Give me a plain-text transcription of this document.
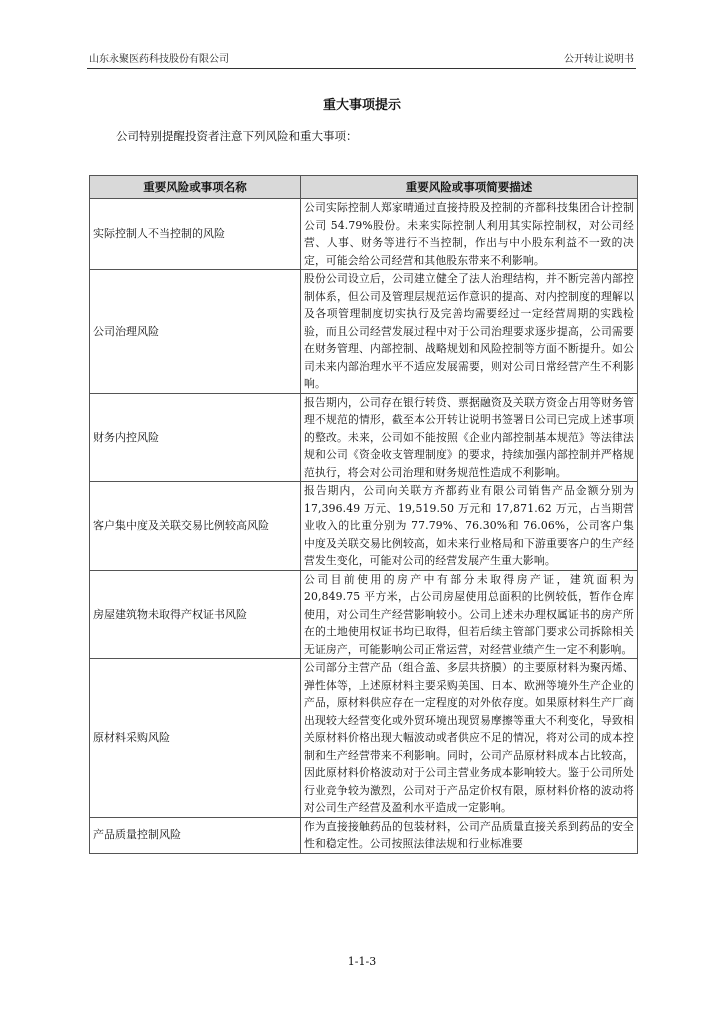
山东永聚医药科技股份有限公司	公开转让说明书
重大事项提示
公司特别提醒投资者注意下列风险和重大事项：
重要风险或事项名称	重要风险或事项简要描述
实际控制人不当控制的风险	公司实际控制人郑家晴通过直接持股及控制的齐都科技集团合计控制公司 54.79%股份。未来实际控制人利用其实际控制权，对公司经营、人事、财务等进行不当控制，作出与中小股东利益不一致的决定，可能会给公司经营和其他股东带来不利影响。
公司治理风险	股份公司设立后，公司建立健全了法人治理结构，并不断完善内部控制体系，但公司及管理层规范运作意识的提高、对内控制度的理解以及各项管理制度切实执行及完善均需要经过一定经营周期的实践检验，而且公司经营发展过程中对于公司治理要求逐步提高，公司需要在财务管理、内部控制、战略规划和风险控制等方面不断提升。如公司未来内部治理水平不适应发展需要，则对公司日常经营产生不利影响。
财务内控风险	报告期内，公司存在银行转贷、票据融资及关联方资金占用等财务管理不规范的情形，截至本公开转让说明书签署日公司已完成上述事项的整改。未来，公司如不能按照《企业内部控制基本规范》等法律法规和公司《资金收支管理制度》的要求，持续加强内部控制并严格规范执行，将会对公司治理和财务规范性造成不利影响。
客户集中度及关联交易比例较高风险	报告期内，公司向关联方齐都药业有限公司销售产品金额分别为 17,396.49 万元、19,519.50 万元和 17,871.62 万元，占当期营业收入的比重分别为 77.79%、76.30%和 76.06%，公司客户集中度及关联交易比例较高，如未来行业格局和下游重要客户的生产经营发生变化，可能对公司的经营发展产生重大影响。
房屋建筑物未取得产权证书风险	公司目前使用的房产中有部分未取得房产证，建筑面积为 20,849.75 平方米，占公司房屋使用总面积的比例较低，暂作仓库使用，对公司生产经营影响较小。公司上述未办理权属证书的房产所在的土地使用权证书均已取得，但若后续主管部门要求公司拆除相关无证房产，可能影响公司正常运营，对经营业绩产生一定不利影响。
原材料采购风险	公司部分主营产品（组合盖、多层共挤膜）的主要原材料为聚丙烯、弹性体等，上述原材料主要采购美国、日本、欧洲等境外生产企业的产品，原材料供应存在一定程度的对外依存度。如果原材料生产厂商出现较大经营变化或外贸环境出现贸易摩擦等重大不利变化，导致相关原材料价格出现大幅波动或者供应不足的情况，将对公司的成本控制和生产经营带来不利影响。同时，公司产品原材料成本占比较高，因此原材料价格波动对于公司主营业务成本影响较大。鉴于公司所处行业竞争较为激烈，公司对于产品定价权有限，原材料价格的波动将对公司生产经营及盈利水平造成一定影响。
产品质量控制风险	作为直接接触药品的包装材料，公司产品质量直接关系到药品的安全性和稳定性。公司按照法律法规和行业标准要
1-1-3
